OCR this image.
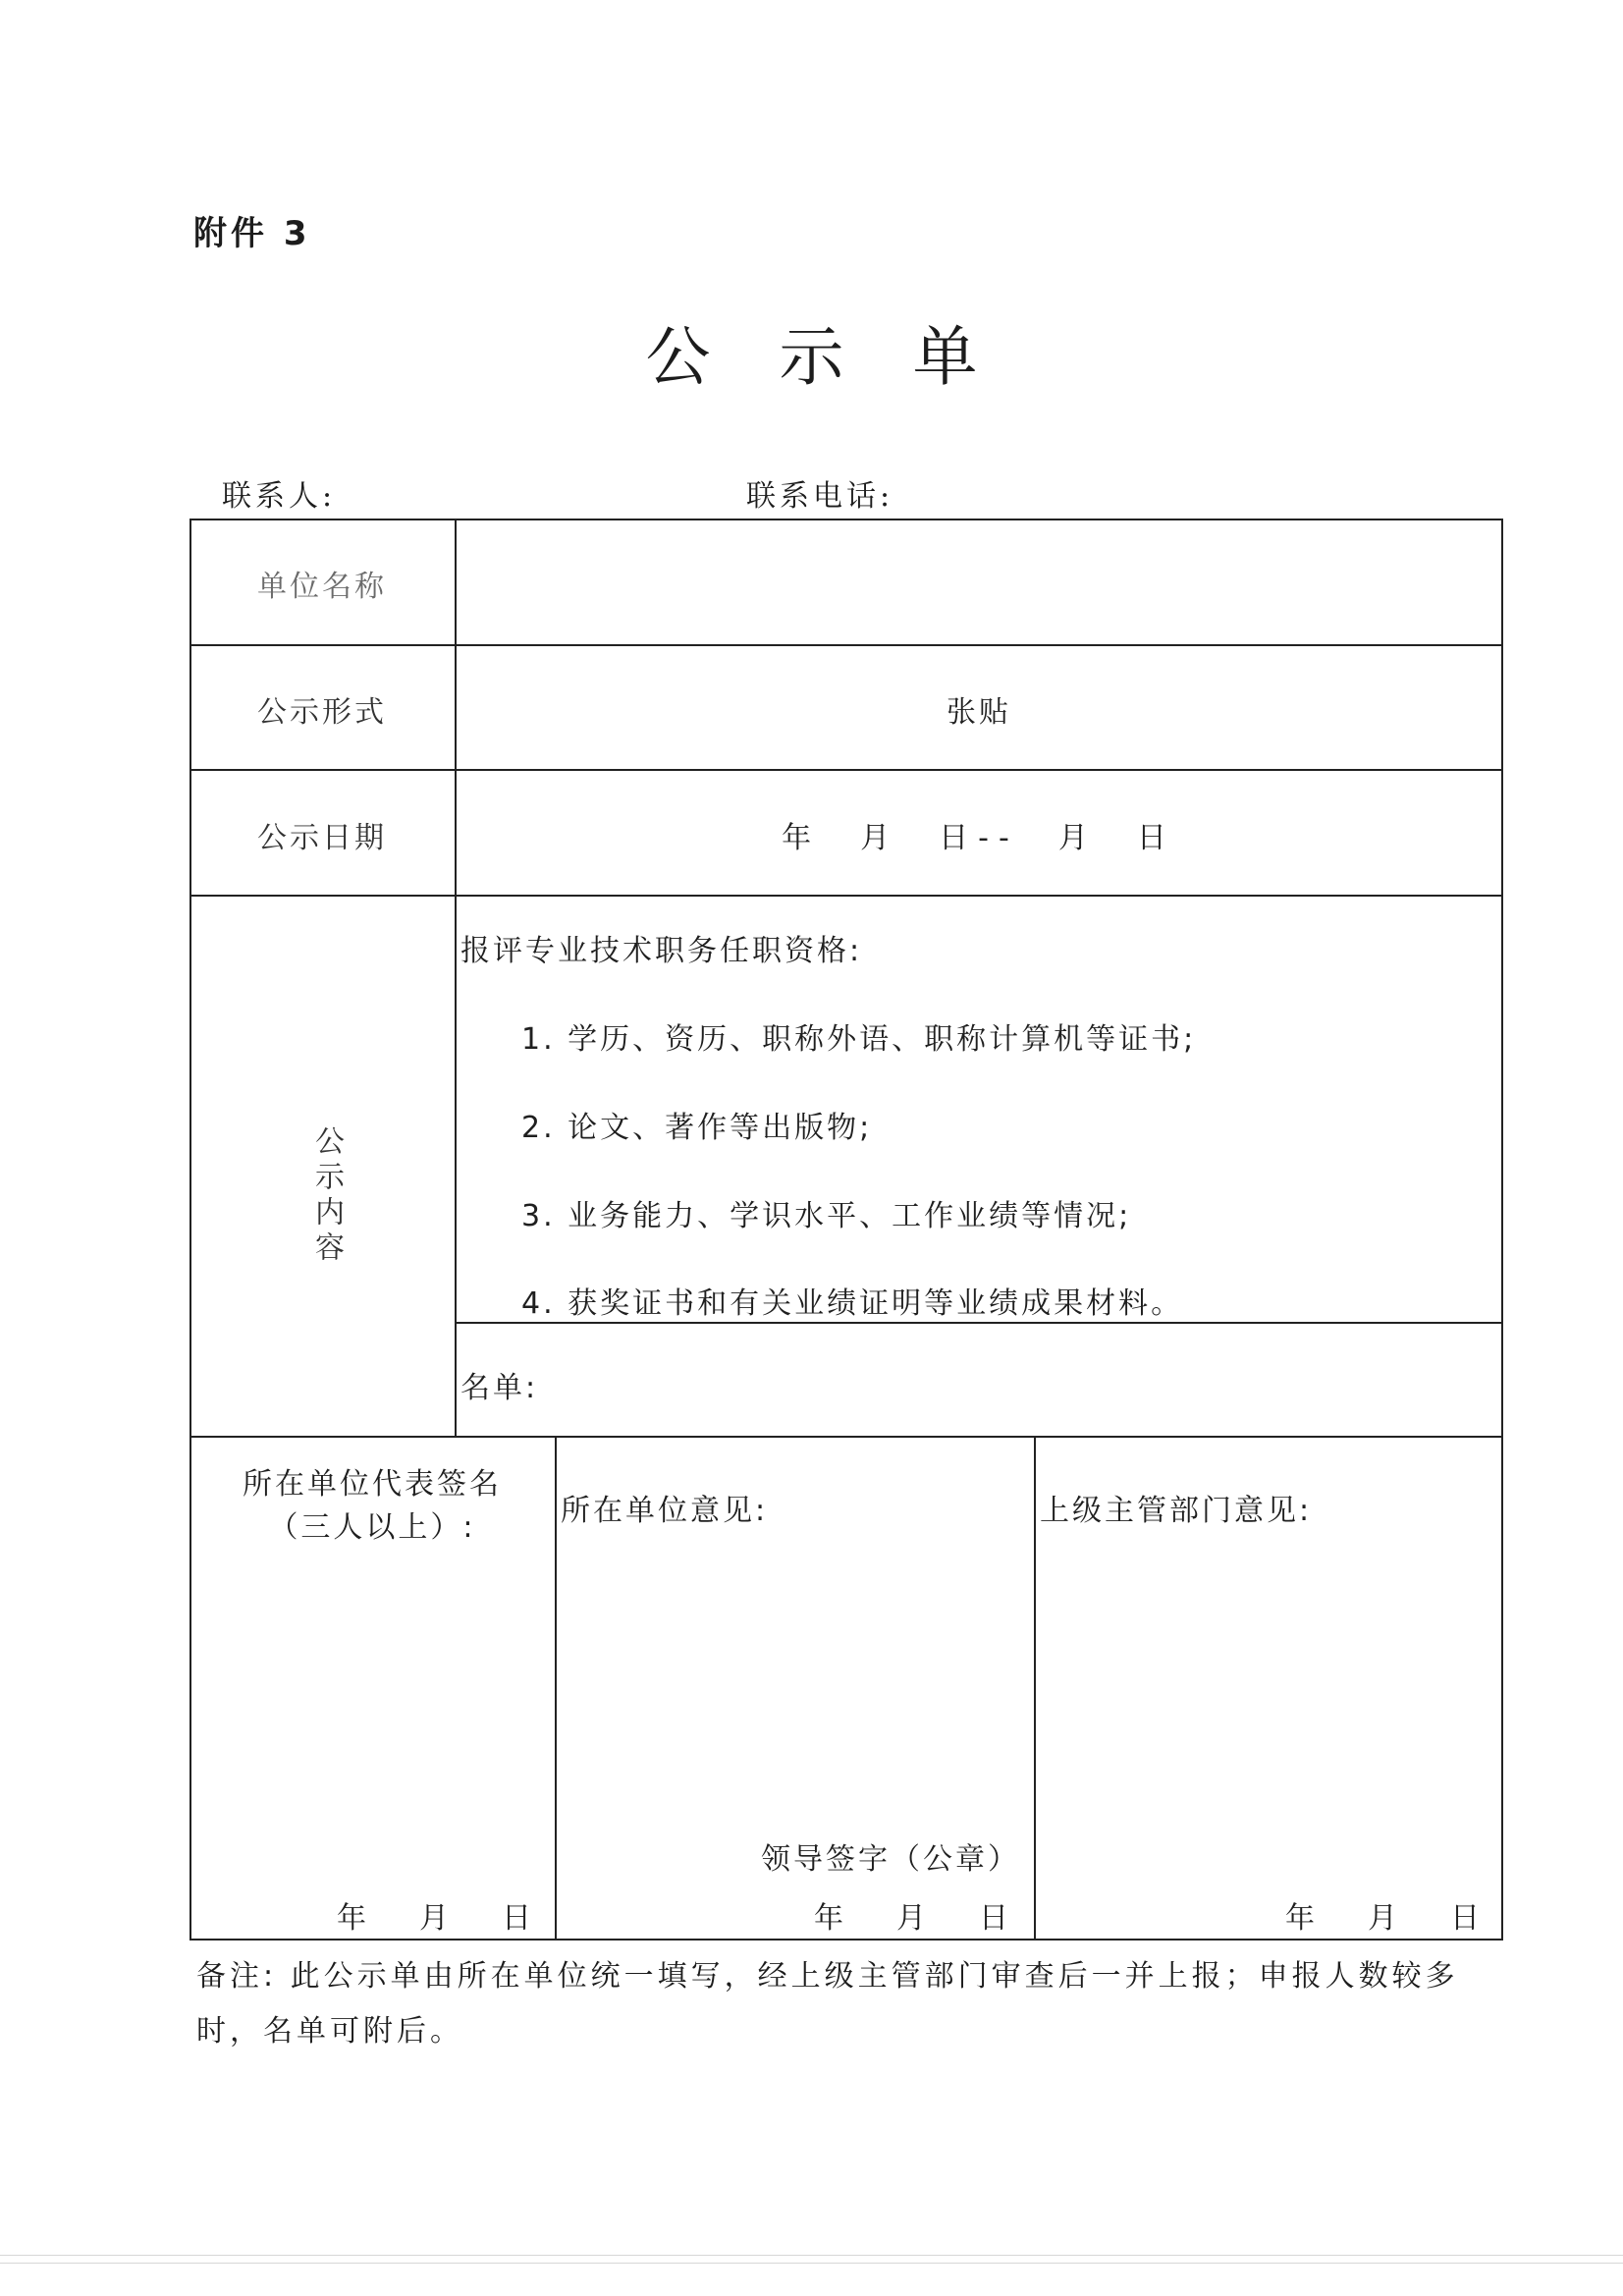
附件 3
公示单
联系人:	联系电话:
单位名称
公示形式	张贴
公示日期	年　月　日--　月　日
公示内容
报评专业技术职务任职资格:
1. 学历、资历、职称外语、职称计算机等证书;
2. 论文、著作等出版物;
3. 业务能力、学识水平、工作业绩等情况;
4. 获奖证书和有关业绩证明等业绩成果材料。
名单:
所在单位代表签名
（三人以上）:
年　月　日
所在单位意见:
领导签字（公章）
年　月　日
上级主管部门意见:
年　月　日
备注: 此公示单由所在单位统一填写，经上级主管部门审查后一并上报；申报人数较多时，名单可附后。
